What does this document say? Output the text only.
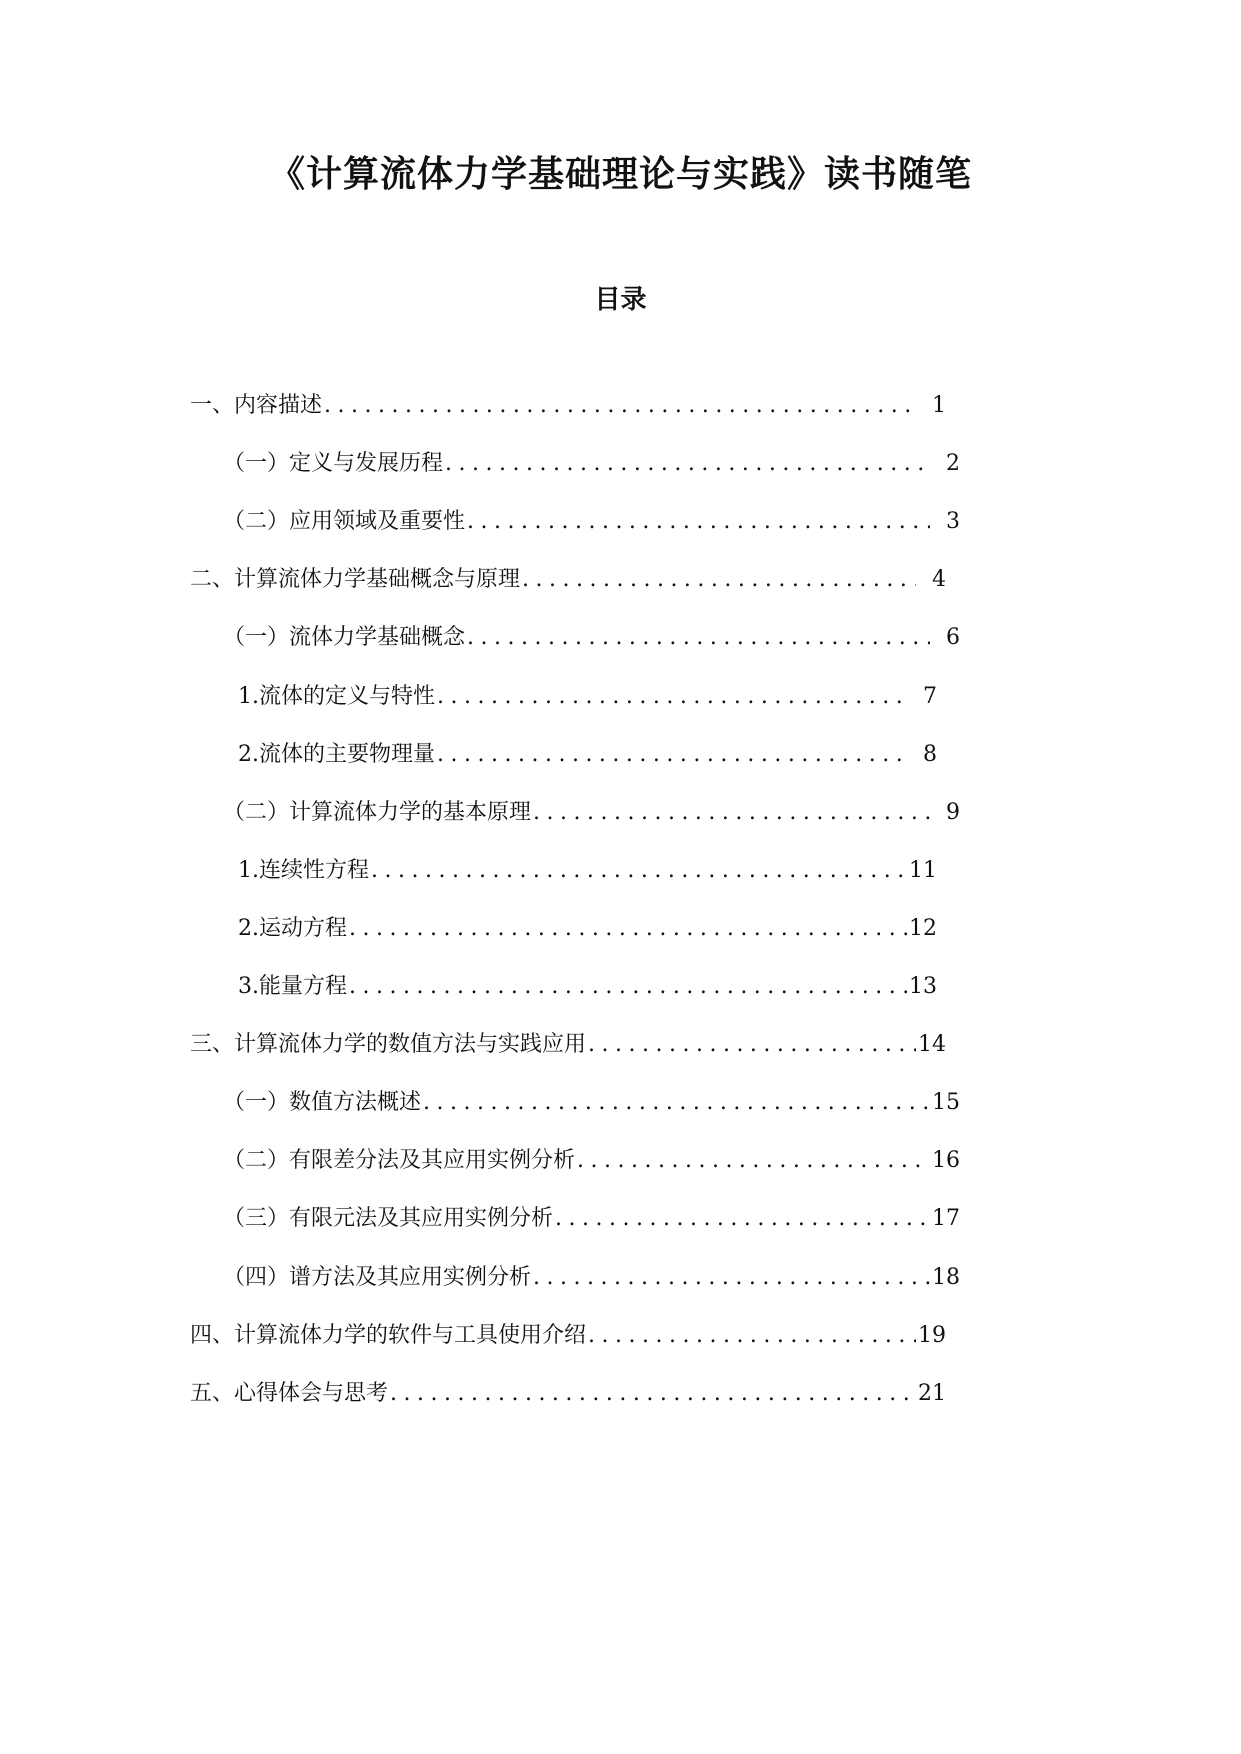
《计算流体力学基础理论与实践》读书随笔
目录
一、内容描述 .....	1
（一）定义与发展历程 .....	2
（二）应用领域及重要性 .....	3
二、计算流体力学基础概念与原理 .....	4
（一）流体力学基础概念 .....	6
1. 流体的定义与特性 .....	7
2. 流体的主要物理量 .....	8
（二）计算流体力学的基本原理 .....	9
1. 连续性方程 .....	11
2. 运动方程 .....	12
3. 能量方程 .....	13
三、计算流体力学的数值方法与实践应用 .....	14
（一）数值方法概述 .....	15
（二）有限差分法及其应用实例分析 .....	16
（三）有限元法及其应用实例分析 .....	17
（四）谱方法及其应用实例分析 .....	18
四、计算流体力学的软件与工具使用介绍 .....	19
五、心得体会与思考 .....	21
